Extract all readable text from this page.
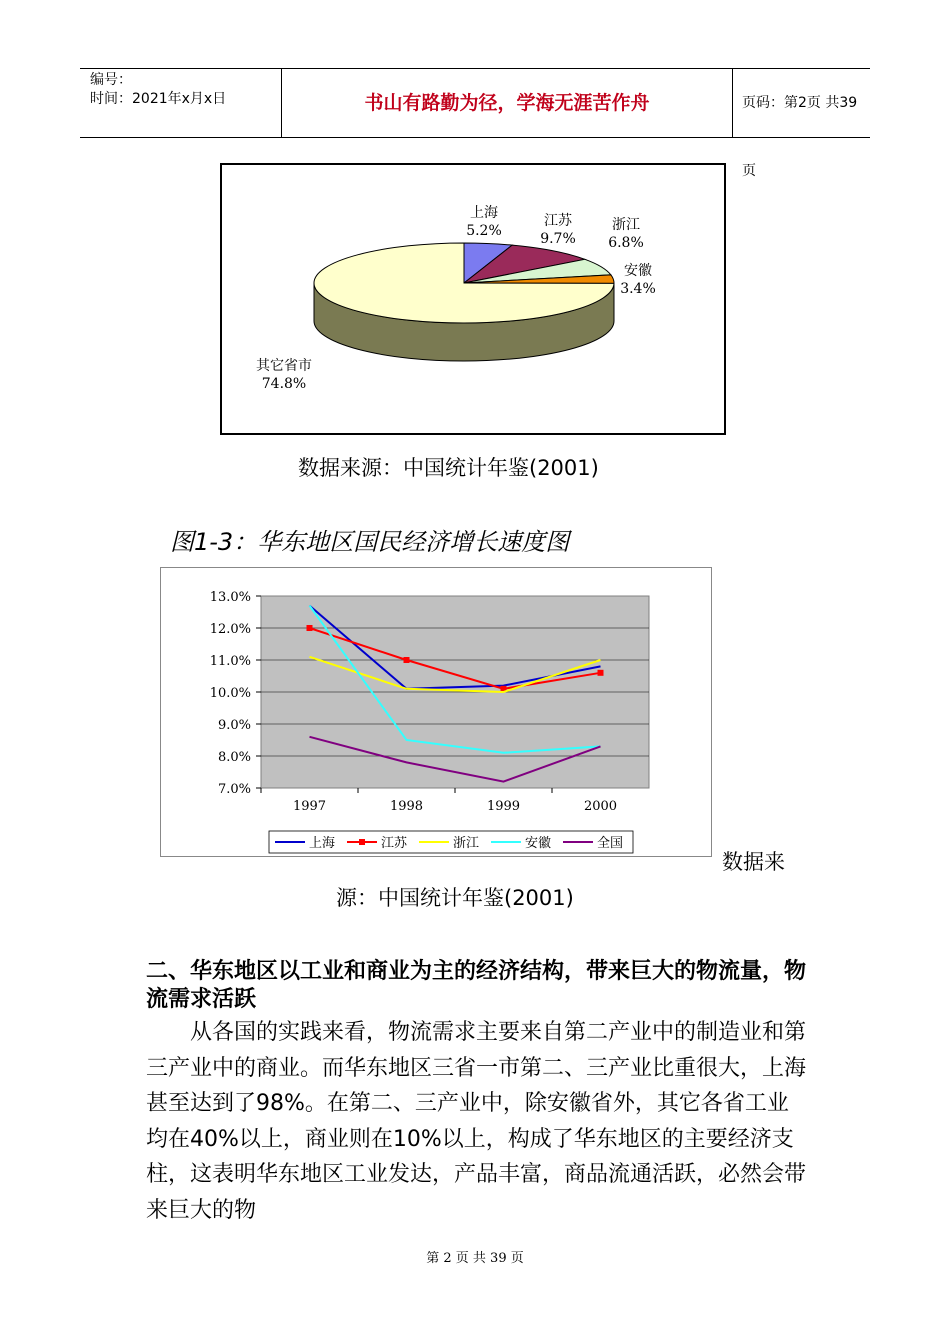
编号：
时间：2021年x月x日	书山有路勤为径，学海无涯苦作舟	页码：第2页 共39页
上海
5.2%
江苏
9.7%
浙江
6.8%
安徽
3.4%
其它省市
74.8%
数据来源：中国统计年鉴(2001)
图1-3：华东地区国民经济增长速度图
7.0%
8.0%
9.0%
10.0%
11.0%
12.0%
13.0%
1997	1998	1999	2000
上海	江苏	浙江	安徽	全国
数据来
源：中国统计年鉴(2001)
二、华东地区以工业和商业为主的经济结构，带来巨大的物流量，物流需求活跃

从各国的实践来看，物流需求主要来自第二产业中的制造业和第三产业中的商业。而华东地区三省一市第二、三产业比重很大，上海甚至达到了98%。在第二、三产业中，除安徽省外，其它各省工业均在40%以上，商业则在10%以上，构成了华东地区的主要经济支柱，这表明华东地区工业发达，产品丰富，商品流通活跃，必然会带来巨大的物

第 2 页 共 39 页
